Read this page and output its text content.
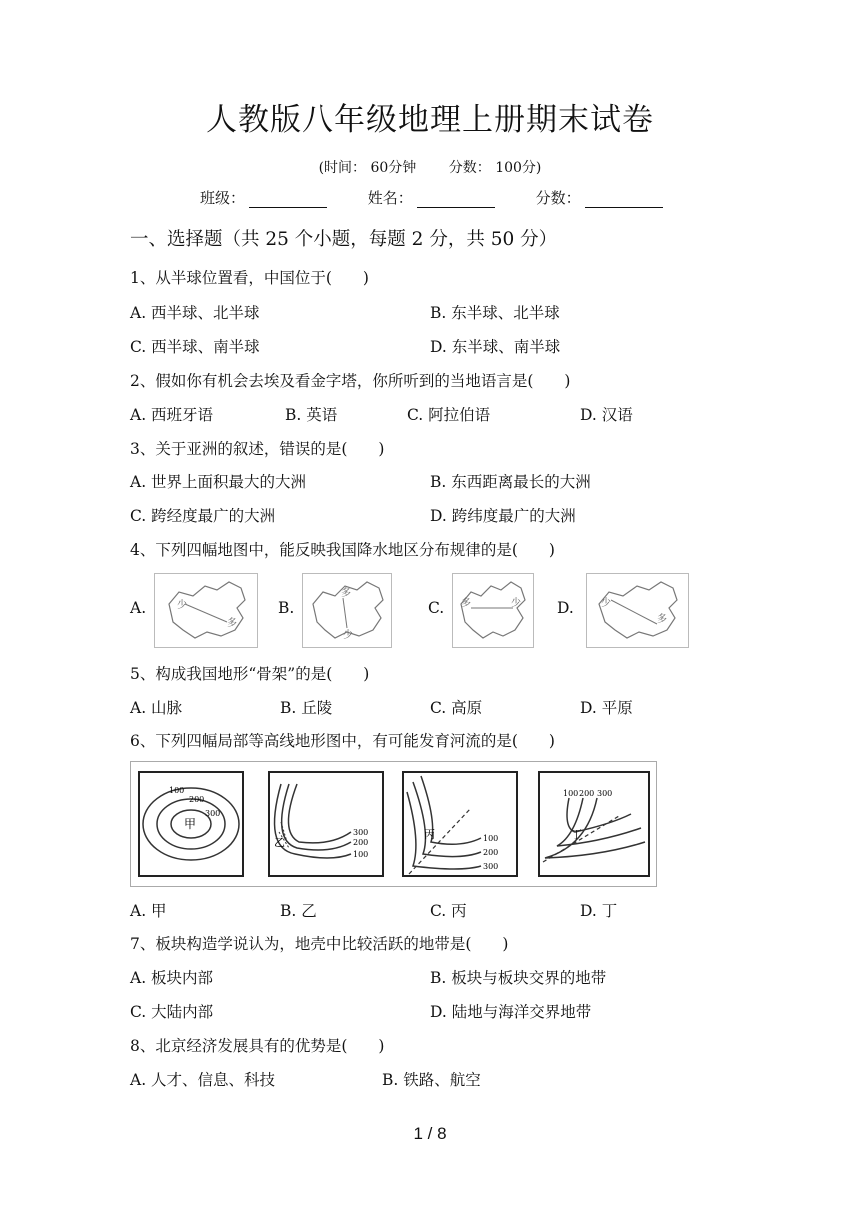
人教版八年级地理上册期末试卷
(时间： 60分钟 分数： 100分)
班级：	姓名：	分数：
一、选择题（共 25 个小题，每题 2 分，共 50 分）
1、从半球位置看，中国位于(　　)
A. 西半球、北半球	B. 东半球、北半球
C. 西半球、南半球	D. 东半球、南半球
2、假如你有机会去埃及看金字塔，你所听到的当地语言是(　　)
A. 西班牙语	B. 英语	C. 阿拉伯语	D. 汉语
3、关于亚洲的叙述，错误的是(　　)
A. 世界上面积最大的大洲	B. 东西距离最长的大洲
C. 跨经度最广的大洲	D. 跨纬度最广的大洲
4、下列四幅地图中，能反映我国降水地区分布规律的是(　　)
A.	B.	C.	D.
少
多
多
少
多	少	少
多
5、构成我国地形“骨架”的是(　　)
A. 山脉	B. 丘陵	C. 高原	D. 平原
6、下列四幅局部等高线地形图中，有可能发育河流的是(　　)
100
200
300
甲
300
200
100
乙	100
200
300
丙
100 200 300
丁
A. 甲	B. 乙	C. 丙	D. 丁
7、板块构造学说认为，地壳中比较活跃的地带是(　　)
A. 板块内部	B. 板块与板块交界的地带
C. 大陆内部	D. 陆地与海洋交界地带
8、北京经济发展具有的优势是(　　)
A. 人才、信息、科技	B. 铁路、航空
1 / 8
